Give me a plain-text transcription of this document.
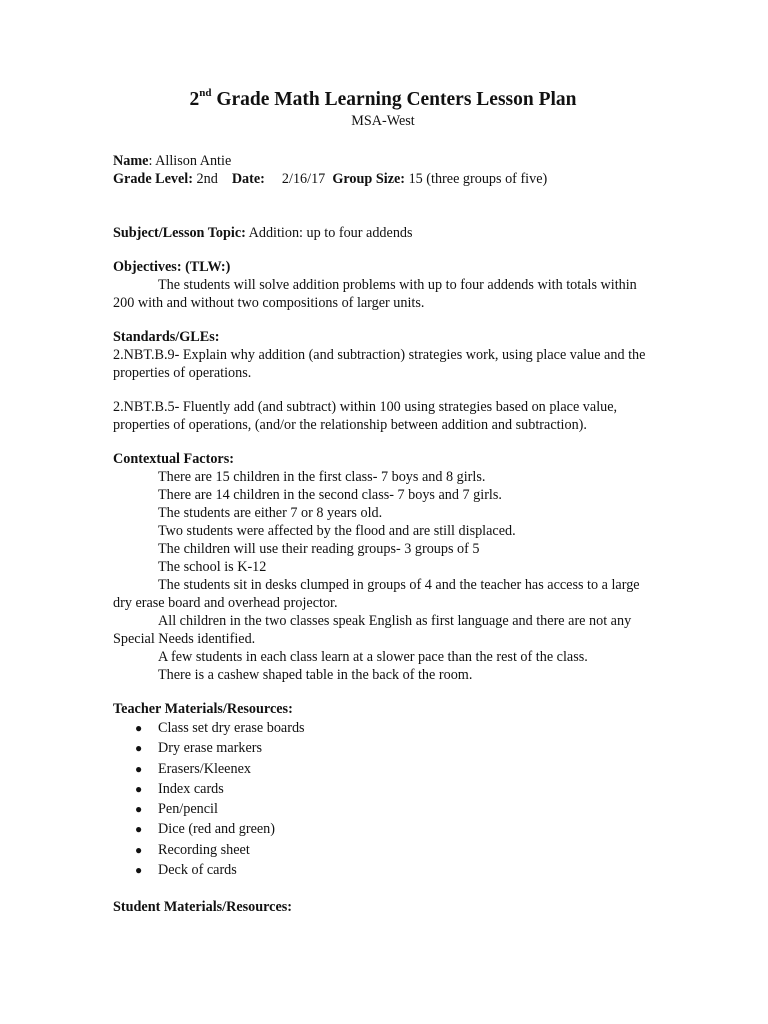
2nd Grade Math Learning Centers Lesson Plan

MSA-West

Name: Allison Antie

Grade Level: 2nd Date: 2/16/17 Group Size: 15 (three groups of five)

Subject/Lesson Topic: Addition: up to four addends

Objectives: (TLW:)

The students will solve addition problems with up to four addends with totals within 200 with and without two compositions of larger units.

Standards/GLEs:

2.NBT.B.9- Explain why addition (and subtraction) strategies work, using place value and the properties of operations.

2.NBT.B.5- Fluently add (and subtract) within 100 using strategies based on place value, properties of operations, (and/or the relationship between addition and subtraction).

Contextual Factors:

There are 15 children in the first class- 7 boys and 8 girls.

There are 14 children in the second class- 7 boys and 7 girls.

The students are either 7 or 8 years old.

Two students were affected by the flood and are still displaced.

The children will use their reading groups- 3 groups of 5

The school is K-12

The students sit in desks clumped in groups of 4 and the teacher has access to a large dry erase board and overhead projector.

All children in the two classes speak English as first language and there are not any Special Needs identified.

A few students in each class learn at a slower pace than the rest of the class.

There is a cashew shaped table in the back of the room.

Teacher Materials/Resources:

● Class set dry erase boards
● Dry erase markers
● Erasers/Kleenex
● Index cards
● Pen/pencil
● Dice (red and green)
● Recording sheet
● Deck of cards

Student Materials/Resources:
